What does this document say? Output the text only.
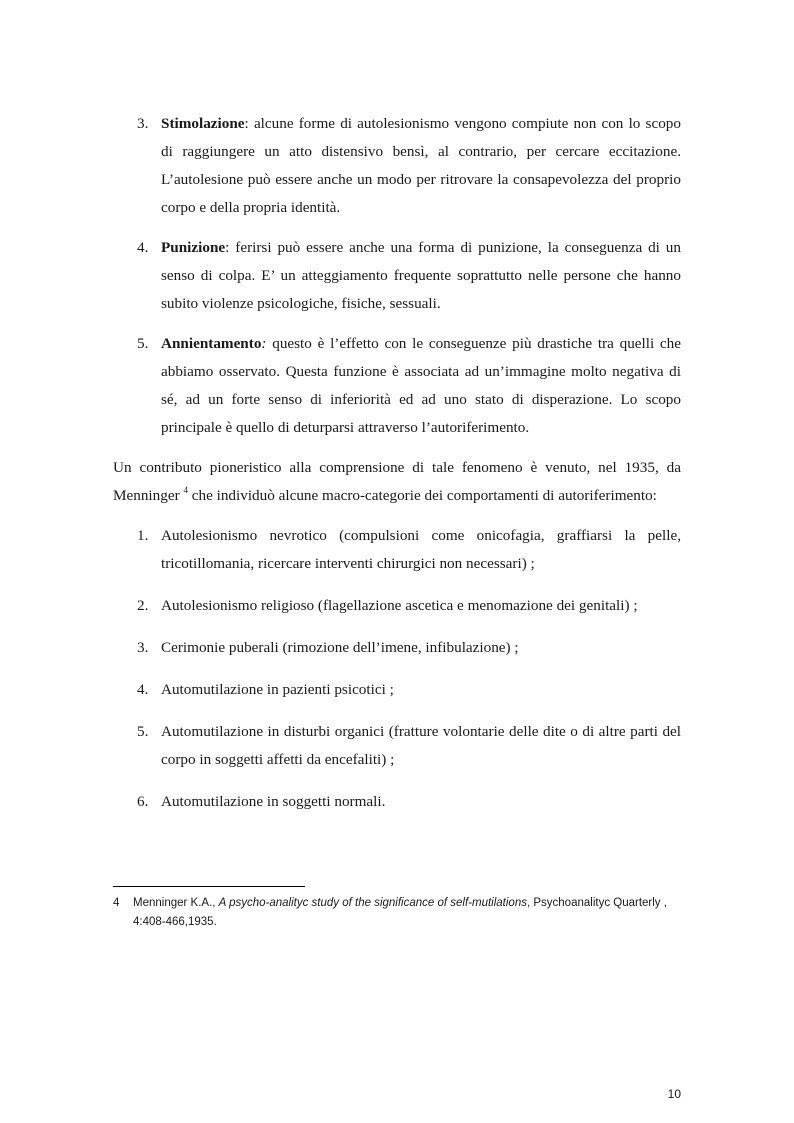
3. Stimolazione: alcune forme di autolesionismo vengono compiute non con lo scopo di raggiungere un atto distensivo bensì, al contrario, per cercare eccitazione. L’autolesione può essere anche un modo per ritrovare la consapevolezza del proprio corpo e della propria identità.

4. Punizione: ferirsi può essere anche una forma di punizione, la conseguenza di un senso di colpa. E’ un atteggiamento frequente soprattutto nelle persone che hanno subito violenze psicologiche, fisiche, sessuali.

5. Annientamento: questo è l’effetto con le conseguenze più drastiche tra quelli che abbiamo osservato. Questa funzione è associata ad un’immagine molto negativa di sé, ad un forte senso di inferiorità ed ad uno stato di disperazione. Lo scopo principale è quello di deturparsi attraverso l’autoriferimento.

Un contributo pioneristico alla comprensione di tale fenomeno è venuto, nel 1935, da
Menninger $^4$ che individuò alcune macro-categorie dei comportamenti di autoriferimento:

1. Autolesionismo nevrotico (compulsioni come onicofagia, graffiarsi la pelle, tricotillomania, ricercare interventi chirurgici non necessari) ;

2. Autolesionismo religioso (flagellazione ascetica e menomazione dei genitali) ;

3. Cerimonie puberali (rimozione dell’imene, infibulazione) ;

4. Automutilazione in pazienti psicotici ;

5. Automutilazione in disturbi organici (fratture volontarie delle dite o di altre parti del corpo in soggetti affetti da encefaliti) ;

6. Automutilazione in soggetti normali.

4	Menninger K.A., A psycho-analityc study of the significance of self-mutilations, Psychoanalityc Quarterly , 4:408-466,1935.
10
